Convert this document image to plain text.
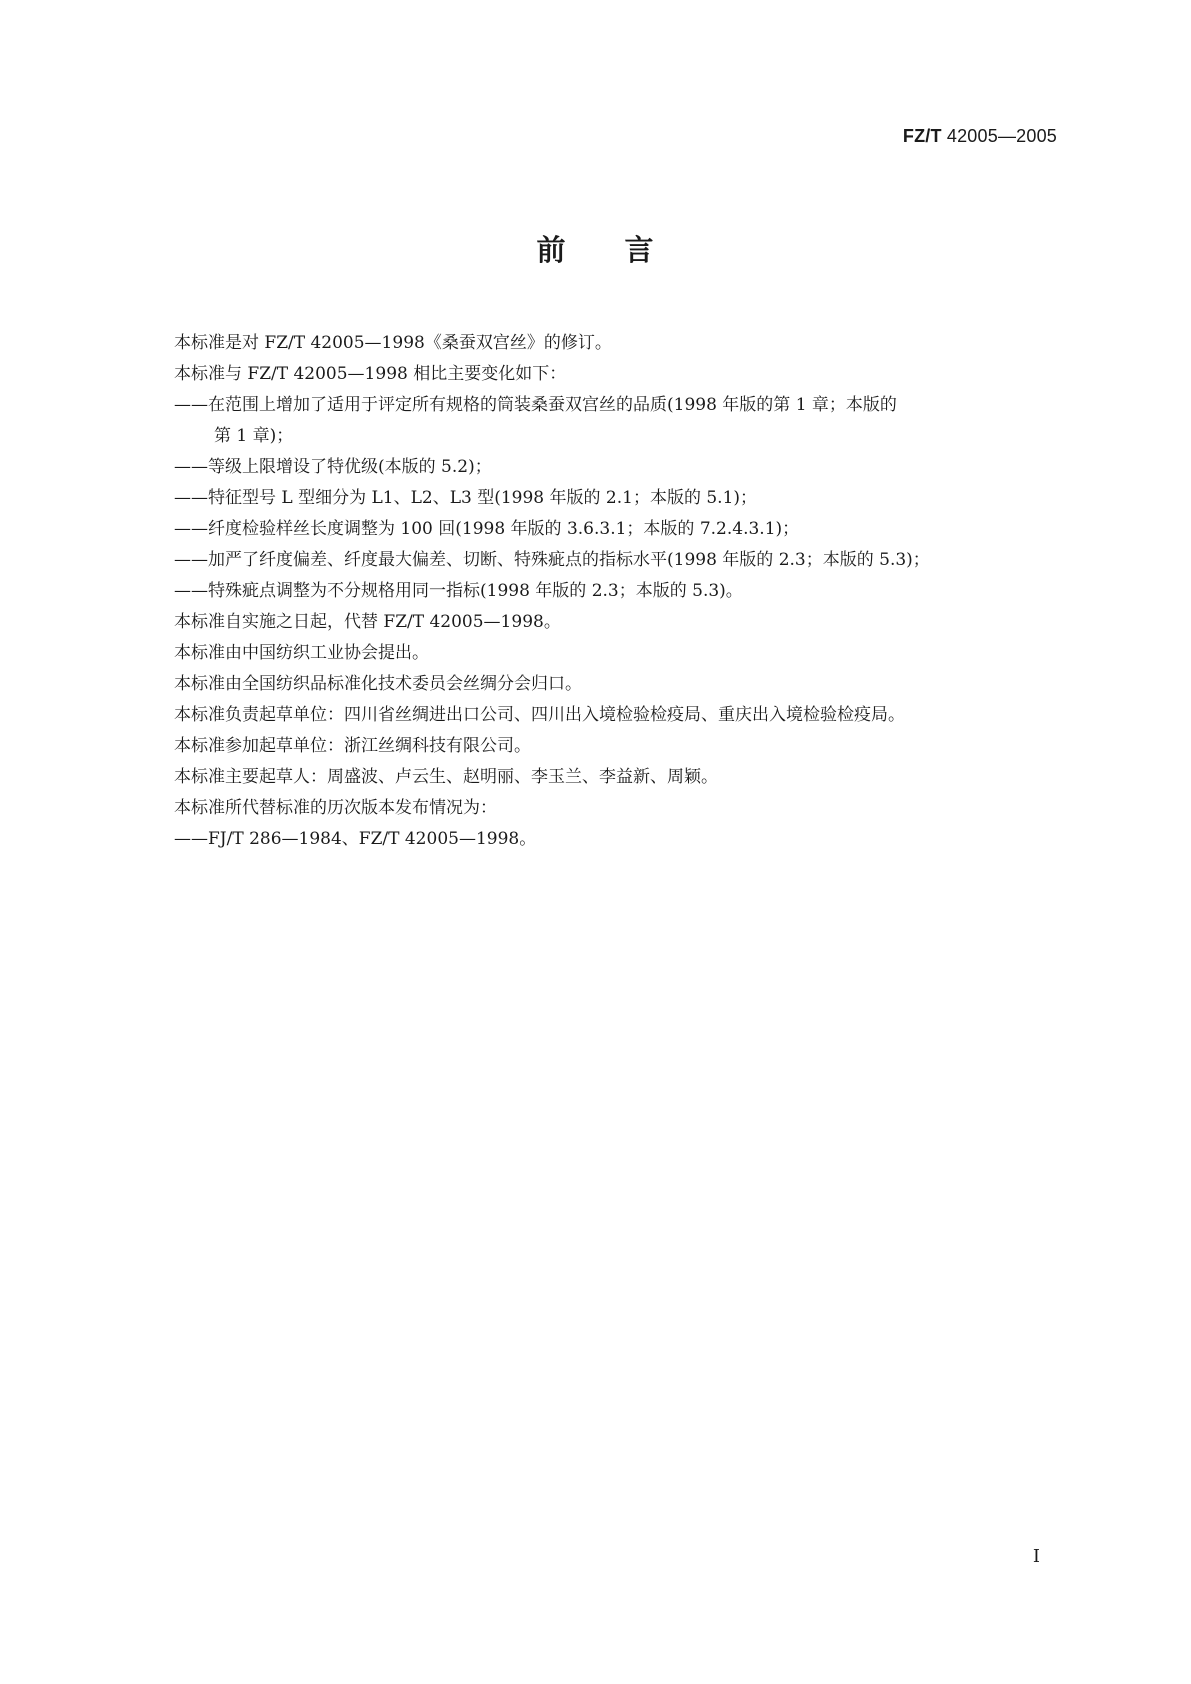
FZ/T 42005—2005
前 言
本标准是对 FZ/T 42005—1998《桑蚕双宫丝》的修订。
本标准与 FZ/T 42005—1998 相比主要变化如下：
——在范围上增加了适用于评定所有规格的筒装桑蚕双宫丝的品质(1998 年版的第 1 章；本版的
第 1 章)；
——等级上限增设了特优级(本版的 5.2)；
——特征型号 L 型细分为 L1、L2、L3 型(1998 年版的 2.1；本版的 5.1)；
——纤度检验样丝长度调整为 100 回(1998 年版的 3.6.3.1；本版的 7.2.4.3.1)；
——加严了纤度偏差、纤度最大偏差、切断、特殊疵点的指标水平(1998 年版的 2.3；本版的 5.3)；
——特殊疵点调整为不分规格用同一指标(1998 年版的 2.3；本版的 5.3)。
本标准自实施之日起，代替 FZ/T 42005—1998。
本标准由中国纺织工业协会提出。
本标准由全国纺织品标准化技术委员会丝绸分会归口。
本标准负责起草单位：四川省丝绸进出口公司、四川出入境检验检疫局、重庆出入境检验检疫局。
本标准参加起草单位：浙江丝绸科技有限公司。
本标准主要起草人：周盛波、卢云生、赵明丽、李玉兰、李益新、周颖。
本标准所代替标准的历次版本发布情况为：
——FJ/T 286—1984、FZ/T 42005—1998。
I
